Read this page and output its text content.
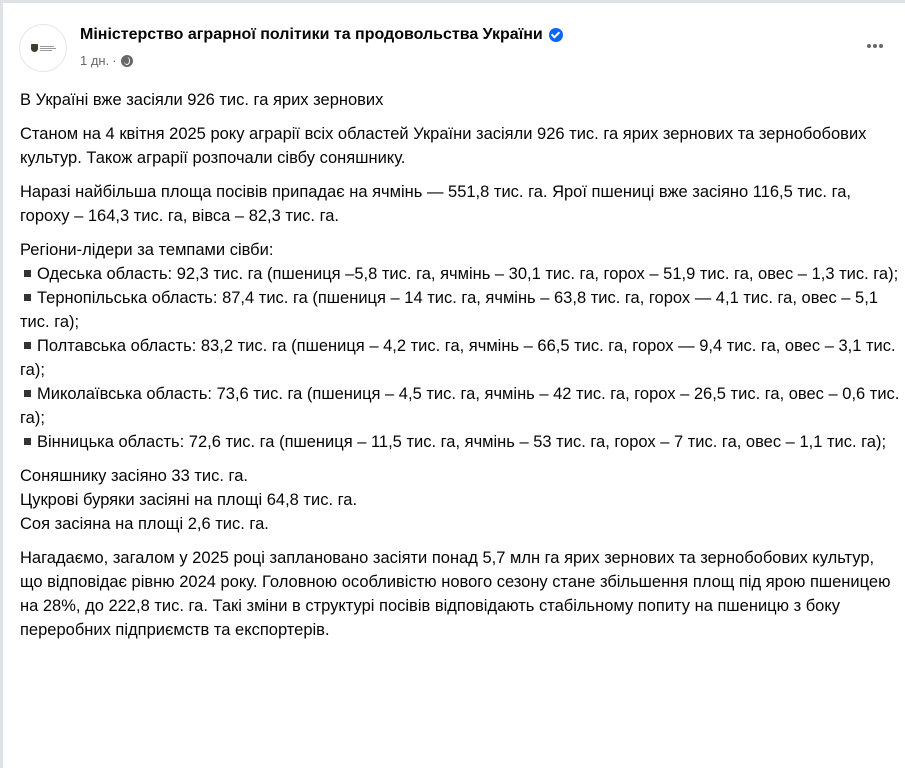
Міністерство аграрної політики та продовольства України
1 дн. ·

В Україні вже засіяли 926 тис. га ярих зернових

Станом на 4 квітня 2025 року аграрії всіх областей України засіяли 926 тис. га ярих зернових та зернобобових культур. Також аграрії розпочали сівбу соняшнику.

Наразі найбільша площа посівів припадає на ячмінь — 551,8 тис. га. Ярої пшениці вже засіяно 116,5 тис. га, гороху – 164,3 тис. га, вівса – 82,3 тис. га.

Регіони-лідери за темпами сівби:
Одеська область: 92,3 тис. га (пшениця –5,8 тис. га, ячмінь – 30,1 тис. га, горох – 51,9 тис. га, овес – 1,3 тис. га);
Тернопільська область: 87,4 тис. га (пшениця – 14 тис. га, ячмінь – 63,8 тис. га, горох — 4,1 тис. га, овес – 5,1 тис. га);
Полтавська область: 83,2 тис. га (пшениця – 4,2 тис. га, ячмінь – 66,5 тис. га, горох — 9,4 тис. га, овес – 3,1 тис. га);
Миколаївська область: 73,6 тис. га (пшениця – 4,5 тис. га, ячмінь – 42 тис. га, горох – 26,5 тис. га, овес – 0,6 тис. га);
Вінницька область: 72,6 тис. га (пшениця – 11,5 тис. га, ячмінь – 53 тис. га, горох – 7 тис. га, овес – 1,1 тис. га);

Соняшнику засіяно 33 тис. га.
Цукрові буряки засіяні на площі 64,8 тис. га.
Соя засіяна на площі 2,6 тис. га.

Нагадаємо, загалом у 2025 році заплановано засіяти понад 5,7 млн га ярих зернових та зернобобових культур, що відповідає рівню 2024 року. Головною особливістю нового сезону стане збільшення площ під ярою пшеницею на 28%, до 222,8 тис. га. Такі зміни в структурі посівів відповідають стабільному попиту на пшеницю з боку переробних підприємств та експортерів.
